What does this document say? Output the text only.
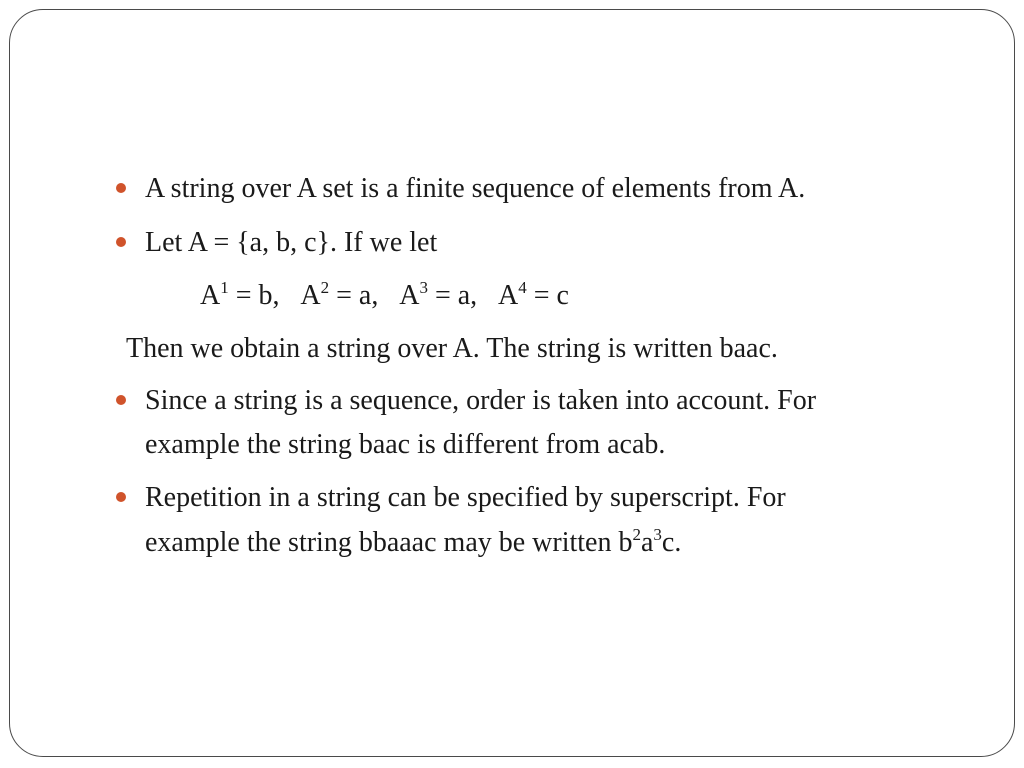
A string over A set is a finite sequence of elements from A.
Let A = {a, b, c}. If we let
$A^1 = b$, $A^2 = a$, $A^3 = a$, $A^4 = c$
Then we obtain a string over A. The string is written baac.
Since a string is a sequence, order is taken into account. For
example the string baac is different from acab.
Repetition in a string can be specified by superscript. For
example the string bbaaac may be written $b^2a^3c$.
